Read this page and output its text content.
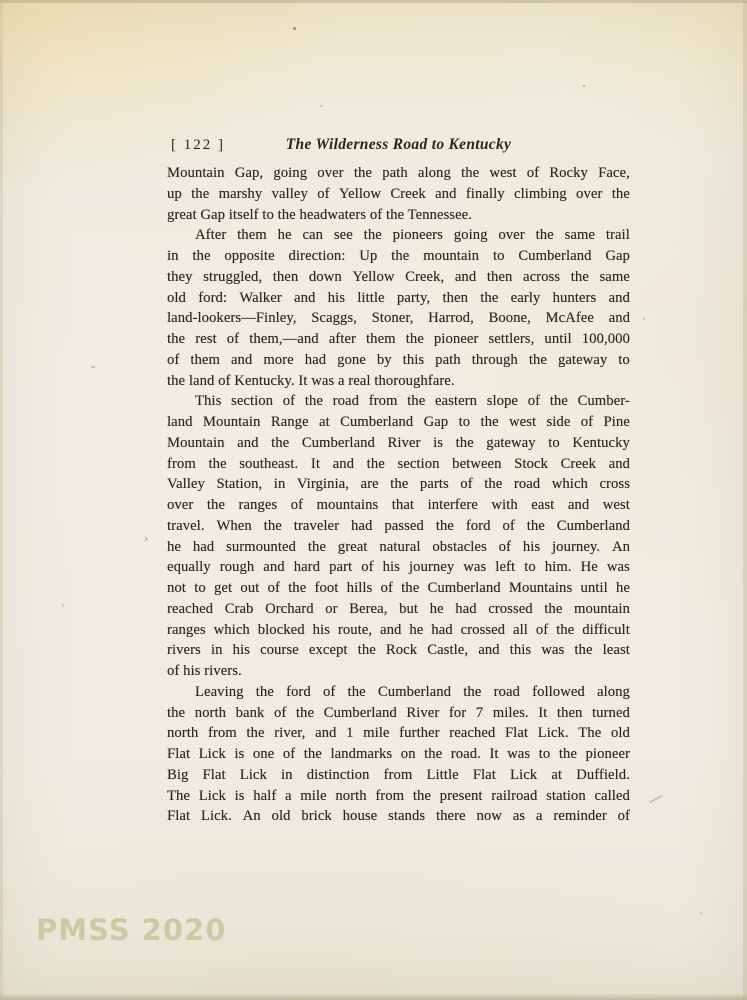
[ 122 ]	The Wilderness Road to Kentucky
Mountain Gap, going over the path along the west of Rocky Face,
up the marshy valley of Yellow Creek and finally climbing over the
great Gap itself to the headwaters of the Tennessee.
After them he can see the pioneers going over the same trail
in the opposite direction: Up the mountain to Cumberland Gap
they struggled, then down Yellow Creek, and then across the same
old ford: Walker and his little party, then the early hunters and
land-lookers—Finley, Scaggs, Stoner, Harrod, Boone, McAfee and
the rest of them,—and after them the pioneer settlers, until 100,000
of them and more had gone by this path through the gateway to
the land of Kentucky. It was a real thoroughfare.
This section of the road from the eastern slope of the Cumber-
land Mountain Range at Cumberland Gap to the west side of Pine
Mountain and the Cumberland River is the gateway to Kentucky
from the southeast. It and the section between Stock Creek and
Valley Station, in Virginia, are the parts of the road which cross
over the ranges of mountains that interfere with east and west
travel. When the traveler had passed the ford of the Cumberland
he had surmounted the great natural obstacles of his journey. An
equally rough and hard part of his journey was left to him. He was
not to get out of the foot hills of the Cumberland Mountains until he
reached Crab Orchard or Berea, but he had crossed the mountain
ranges which blocked his route, and he had crossed all of the difficult
rivers in his course except the Rock Castle, and this was the least
of his rivers.
Leaving the ford of the Cumberland the road followed along
the north bank of the Cumberland River for 7 miles. It then turned
north from the river, and 1 mile further reached Flat Lick. The old
Flat Lick is one of the landmarks on the road. It was to the pioneer
Big Flat Lick in distinction from Little Flat Lick at Duffield.
The Lick is half a mile north from the present railroad station called
Flat Lick. An old brick house stands there now as a reminder of
›
PMSS 2020
